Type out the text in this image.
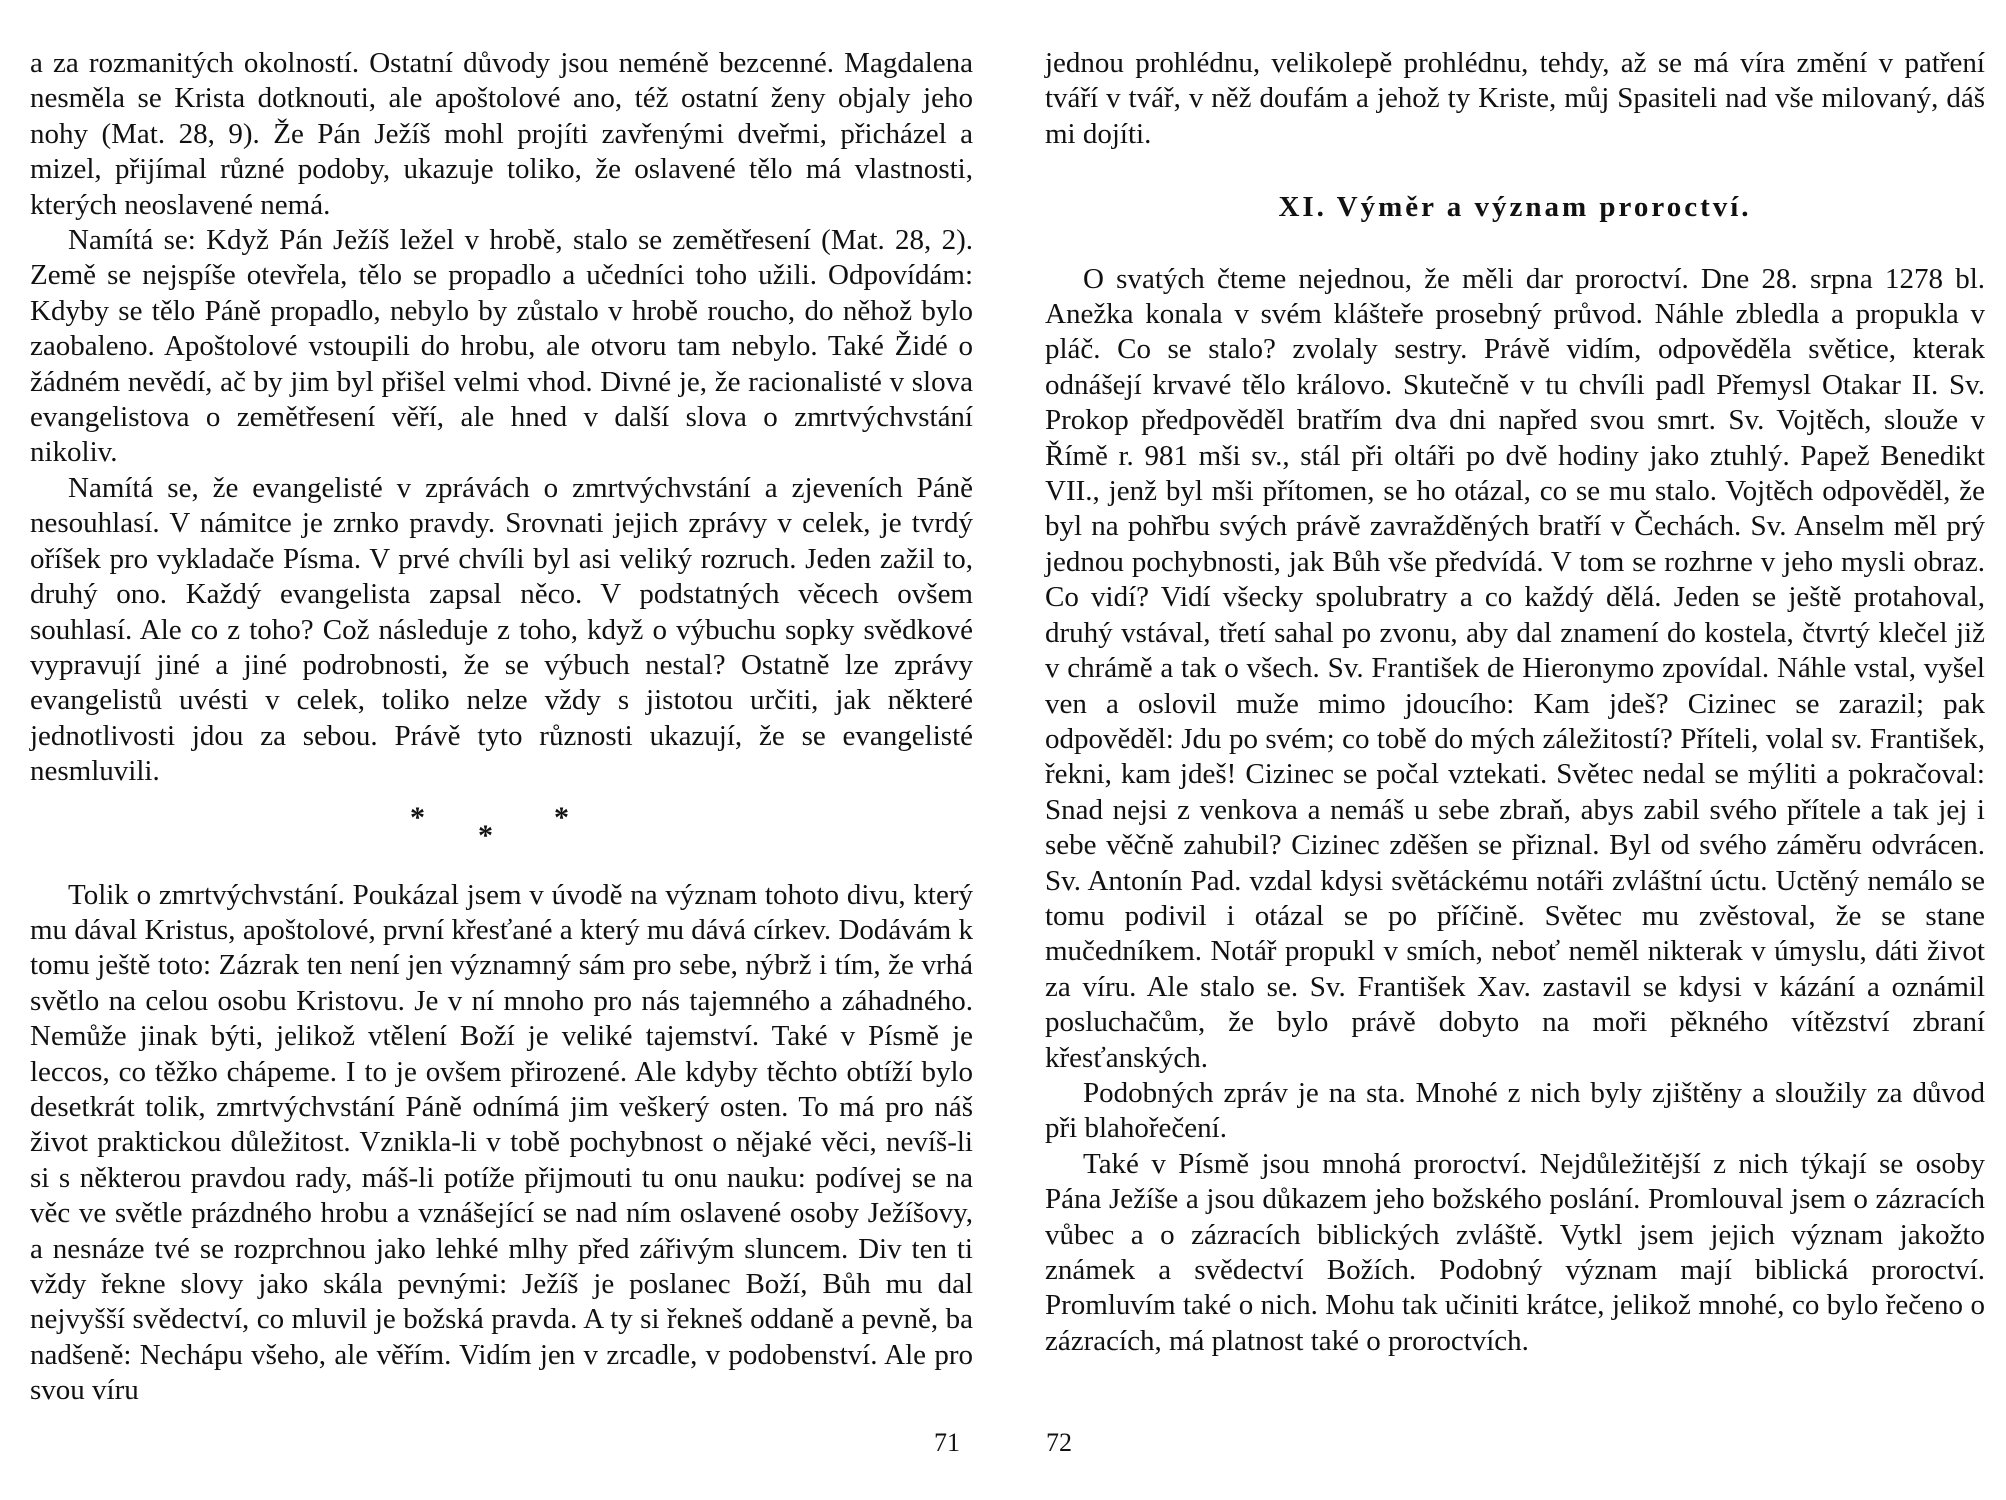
a za rozmanitých okolností. Ostatní důvody jsou neméně bezcenné. Magdalena nesměla se Krista dotknouti, ale apoštolové ano, též ostatní ženy objaly jeho nohy (Mat. 28, 9). Že Pán Ježíš mohl projíti zavřenými dveřmi, přicházel a mizel, přijímal různé podoby, ukazuje toliko, že oslavené tělo má vlastnosti, kterých neoslavené nemá.

Namítá se: Když Pán Ježíš ležel v hrobě, stalo se zemětřesení (Mat. 28, 2). Země se nejspíše otevřela, tělo se propadlo a učedníci toho užili. Odpovídám: Kdyby se tělo Páně propadlo, nebylo by zůstalo v hrobě roucho, do něhož bylo zaobaleno. Apoštolové vstoupili do hrobu, ale otvoru tam nebylo. Také Židé o žádném nevědí, ač by jim byl přišel velmi vhod. Divné je, že racionalisté v slova evangelistova o zemětřesení věří, ale hned v další slova o zmrtvýchvstání nikoliv.

Namítá se, že evangelisté v zprávách o zmrtvýchvstání a zjeveních Páně nesouhlasí. V námitce je zrnko pravdy. Srovnati jejich zprávy v celek, je tvrdý oříšek pro vykladače Písma. V prvé chvíli byl asi veliký rozruch. Jeden zažil to, druhý ono. Každý evangelista zapsal něco. V podstatných věcech ovšem souhlasí. Ale co z toho? Což následuje z toho, když o výbuchu sopky svědkové vypravují jiné a jiné podrobnosti, že se výbuch nestal? Ostatně lze zprávy evangelistů uvésti v celek, toliko nelze vždy s jistotou určiti, jak některé jednotlivosti jdou za sebou. Právě tyto různosti ukazují, že se evangelisté nesmluvili.

*
*
*

Tolik o zmrtvýchvstání. Poukázal jsem v úvodě na význam tohoto divu, který mu dával Kristus, apoštolové, první křesťané a který mu dává církev. Dodávám k tomu ještě toto: Zázrak ten není jen významný sám pro sebe, nýbrž i tím, že vrhá světlo na celou osobu Kristovu. Je v ní mnoho pro nás tajemného a záhadného. Nemůže jinak býti, jelikož vtělení Boží je veliké tajemství. Také v Písmě je leccos, co těžko chápeme. I to je ovšem přirozené. Ale kdyby těchto obtíží bylo desetkrát tolik, zmrtvýchvstání Páně odnímá jim veškerý osten. To má pro náš život praktickou důležitost. Vznikla-li v tobě pochybnost o nějaké věci, nevíš-li si s některou pravdou rady, máš-li potíže přijmouti tu onu nauku: podívej se na věc ve světle prázdného hrobu a vznášející se nad ním oslavené osoby Ježíšovy, a nesnáze tvé se rozprchnou jako lehké mlhy před zářivým sluncem. Div ten ti vždy řekne slovy jako skála pevnými: Ježíš je poslanec Boží, Bůh mu dal nejvyšší svědectví, co mluvil je božská pravda. A ty si řekneš oddaně a pevně, ba nadšeně: Nechápu všeho, ale věřím. Vidím jen v zrcadle, v podobenství. Ale pro svou víru

71

jednou prohlédnu, velikolepě prohlédnu, tehdy, až se má víra změní v patření tváří v tvář, v něž doufám a jehož ty Kriste, můj Spasiteli nad vše milovaný, dáš mi dojíti.

XI. Výměr a význam proroctví.

O svatých čteme nejednou, že měli dar proroctví. Dne 28. srpna 1278 bl. Anežka konala v svém klášteře prosebný průvod. Náhle zbledla a propukla v pláč. Co se stalo? zvolaly sestry. Právě vidím, odpověděla světice, kterak odnášejí krvavé tělo královo. Skutečně v tu chvíli padl Přemysl Otakar II. Sv. Prokop předpověděl bratřím dva dni napřed svou smrt. Sv. Vojtěch, slouže v Římě r. 981 mši sv., stál při oltáři po dvě hodiny jako ztuhlý. Papež Benedikt VII., jenž byl mši přítomen, se ho otázal, co se mu stalo. Vojtěch odpověděl, že byl na pohřbu svých právě zavražděných bratří v Čechách. Sv. Anselm měl prý jednou pochybnosti, jak Bůh vše předvídá. V tom se rozhrne v jeho mysli obraz. Co vidí? Vidí všecky spolubratry a co každý dělá. Jeden se ještě protahoval, druhý vstával, třetí sahal po zvonu, aby dal znamení do kostela, čtvrtý klečel již v chrámě a tak o všech. Sv. František de Hieronymo zpovídal. Náhle vstal, vyšel ven a oslovil muže mimo jdoucího: Kam jdeš? Cizinec se zarazil; pak odpověděl: Jdu po svém; co tobě do mých záležitostí? Příteli, volal sv. František, řekni, kam jdeš! Cizinec se počal vztekati. Světec nedal se mýliti a pokračoval: Snad nejsi z venkova a nemáš u sebe zbraň, abys zabil svého přítele a tak jej i sebe věčně zahubil? Cizinec zděšen se přiznal. Byl od svého záměru odvrácen. Sv. Antonín Pad. vzdal kdysi světáckému notáři zvláštní úctu. Uctěný nemálo se tomu podivil i otázal se po příčině. Světec mu zvěstoval, že se stane mučedníkem. Notář propukl v smích, neboť neměl nikterak v úmyslu, dáti život za víru. Ale stalo se. Sv. František Xav. zastavil se kdysi v kázání a oznámil posluchačům, že bylo právě dobyto na moři pěkného vítězství zbraní křesťanských.

Podobných zpráv je na sta. Mnohé z nich byly zjištěny a sloužily za důvod při blahořečení.

Také v Písmě jsou mnohá proroctví. Nejdůležitější z nich týkají se osoby Pána Ježíše a jsou důkazem jeho božského poslání. Promlouval jsem o zázracích vůbec a o zázracích biblických zvláště. Vytkl jsem jejich význam jakožto známek a svědectví Božích. Podobný význam mají biblická proroctví. Promluvím také o nich. Mohu tak učiniti krátce, jelikož mnohé, co bylo řečeno o zázracích, má platnost také o proroctvích.

72
